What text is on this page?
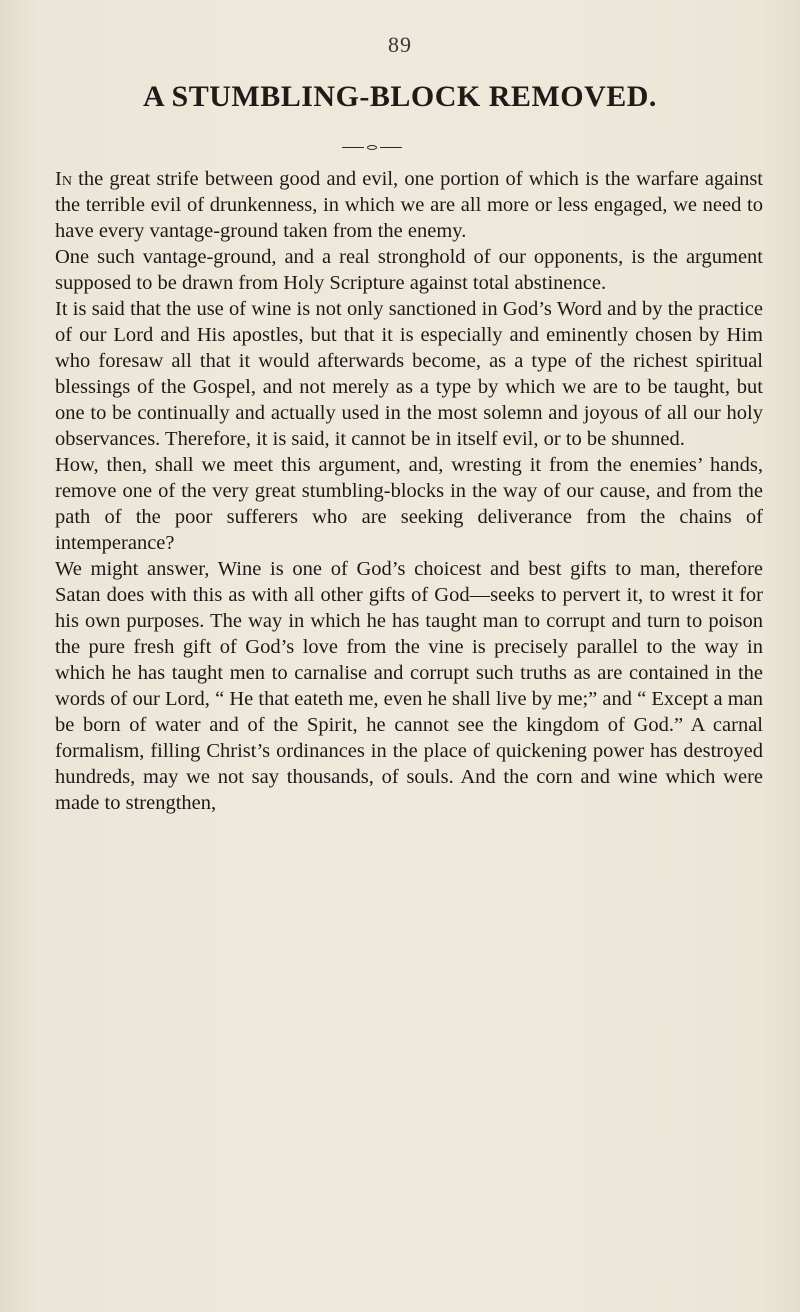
89
A STUMBLING-BLOCK REMOVED.

In the great strife between good and evil, one portion of which is the warfare against the terrible evil of drunkenness, in which we are all more or less engaged, we need to have every vantage-ground taken from the enemy.

One such vantage-ground, and a real stronghold of our opponents, is the argument supposed to be drawn from Holy Scripture against total abstinence.

It is said that the use of wine is not only sanctioned in God’s Word and by the practice of our Lord and His apostles, but that it is especially and eminently chosen by Him who foresaw all that it would afterwards become, as a type of the richest spiritual blessings of the Gospel, and not merely as a type by which we are to be taught, but one to be continually and actually used in the most solemn and joyous of all our holy observances. Therefore, it is said, it cannot be in itself evil, or to be shunned.

How, then, shall we meet this argument, and, wresting it from the enemies’ hands, remove one of the very great stumbling-blocks in the way of our cause, and from the path of the poor sufferers who are seeking deliverance from the chains of intemperance?

We might answer, Wine is one of God’s choicest and best gifts to man, therefore Satan does with this as with all other gifts of God—seeks to pervert it, to wrest it for his own purposes. The way in which he has taught man to corrupt and turn to poison the pure fresh gift of God’s love from the vine is precisely parallel to the way in which he has taught men to carnalise and corrupt such truths as are contained in the words of our Lord, “ He that eateth me, even he shall live by me;” and “ Except a man be born of water and of the Spirit, he cannot see the kingdom of God.” A carnal formalism, filling Christ’s ordinances in the place of quickening power has destroyed hundreds, may we not say thousands, of souls. And the corn and wine which were made to strengthen,
